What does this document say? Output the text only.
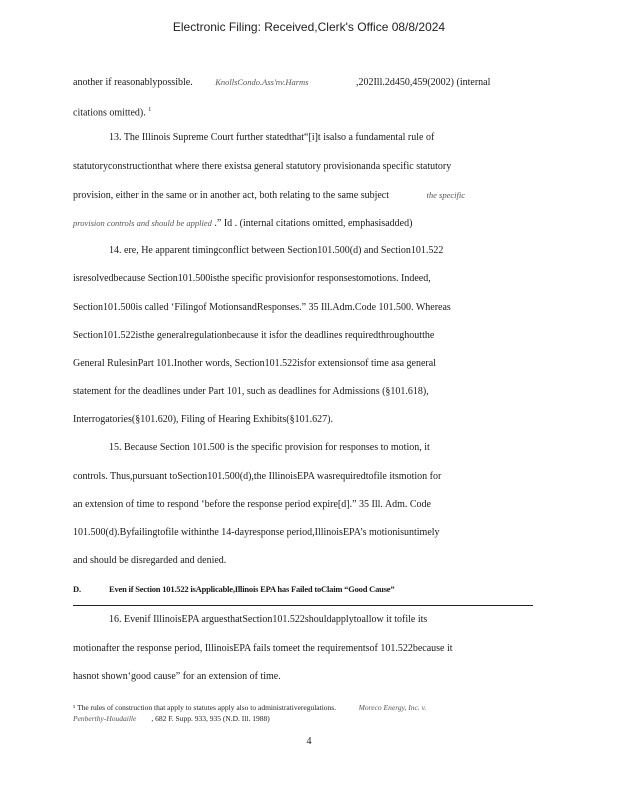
Electronic Filing: Received,Clerk's Office 08/8/2024
another if reasonablypossible.	KnollsCondo.Ass'nv.Harms	,202Ill.2d450,459(2002) (internal
citations omitted). $^1$
13. The Illinois Supreme Court further statedthat“[i]t isalso a fundamental rule of
statutoryconstructionthat where there existsa general statutory provisionanda specific statutory
provision, either in the same or in another act, both relating to the same subject	the specific
provision controls and should be applied .” Id . (internal citations omitted, emphasisadded)
14. ere, He apparent timingconflict between Section101.500(d) and Section101.522
isresolvedbecause Section101.500isthe specific provisionfor responsestomotions. Indeed,
Section101.500is called ‘Filingof MotionsandResponses.” 35 Ill.Adm.Code 101.500. Whereas
Section101.522isthe generalregulationbecause it isfor the deadlines requiredthroughoutthe
General RulesinPart 101.Inother words, Section101.522isfor extensionsof time asa general
statement for the deadlines under Part 101, such as deadlines for Admissions (§101.618),
Interrogatories(§101.620), Filing of Hearing Exhibits(§101.627).
15. Because Section 101.500 is the specific provision for responses to motion, it
controls. Thus,pursuant toSection101.500(d),the IllinoisEPA wasrequiredtofile itsmotion for
an extension of time to respond ‘before the response period expire[d].” 35 Ill. Adm. Code
101.500(d).Byfailingtofile withinthe 14-dayresponse period,IllinoisEPA’s motionisuntimely
and should be disregarded and denied.
D.	Even if Section 101.522 isApplicable,Illinois EPA has Failed toClaim “Good Cause”
16. Evenif IllinoisEPA arguesthatSection101.522shouldapplytoallow it tofile its
motionafter the response period, IllinoisEPA fails tomeet the requirementsof 101.522because it
hasnot shown‘good cause” for an extension of time.
¹ The rules of construction that apply to statutes apply also to administrativeregulations.	Moreco Energy, Inc. v.
Penberthy-Houdaille , 682 F. Supp. 933, 935 (N.D. Ill. 1988)
4
